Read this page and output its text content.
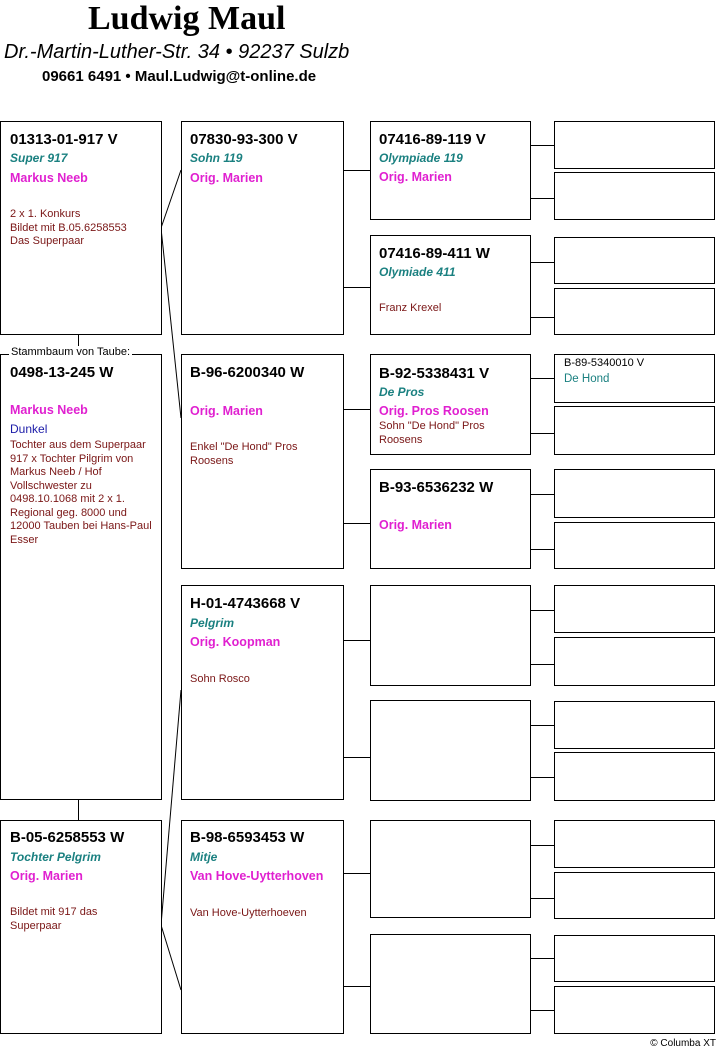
Ludwig Maul
Dr.-Martin-Luther-Str. 34 • 92237 Sulzb
09661 6491 • Maul.Ludwig@t-online.de
01313-01-917 V
Super 917
Markus Neeb
2 x 1. Konkurs
Bildet mit B.05.6258553
Das Superpaar
0498-13-245 W
Markus Neeb
Dunkel
Tochter aus dem Superpaar 917 x Tochter Pilgrim von Markus Neeb / Hof Vollschwester zu 0498.10.1068 mit 2 x 1. Regional geg. 8000 und 12000 Tauben bei Hans-Paul Esser
Stammbaum von Taube:
B-05-6258553 W
Tochter Pelgrim
Orig. Marien
Bildet mit 917 das Superpaar
07830-93-300 V
Sohn 119
Orig. Marien
B-96-6200340 W
Orig. Marien
Enkel "De Hond" Pros Roosens
H-01-4743668 V
Pelgrim
Orig. Koopman
Sohn Rosco
B-98-6593453 W
Mitje
Van Hove-Uytterhoven
Van Hove-Uytterhoeven
07416-89-119 V
Olympiade 119
Orig. Marien
07416-89-411 W
Olymiade 411
Franz Krexel
B-92-5338431 V
De Pros
Orig. Pros Roosen
Sohn "De Hond" Pros Roosens
B-93-6536232 W
Orig. Marien
B-89-5340010 V
De Hond
© Columba XT
